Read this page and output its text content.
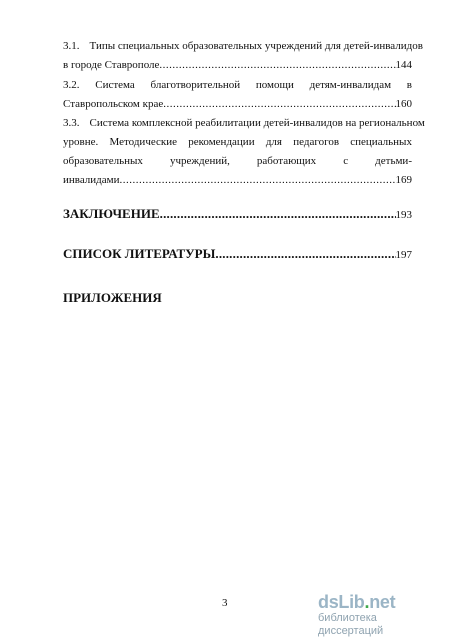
3.1. Типы специальных образовательных учреждений для детей-инвалидов
в городе Ставрополе .....	144
3.2. Система благотворительной помощи детям-инвалидам в
Ставропольском крае .....	160
3.3. Система комплексной реабилитации детей-инвалидов на региональном
уровне. Методические рекомендации для педагогов специальных
образовательных учреждений, работающих с детьми-
инвалидами .....	169
ЗАКЛЮЧЕНИЕ .....	193
СПИСОК ЛИТЕРАТУРЫ .....	197
ПРИЛОЖЕНИЯ
3	dsLib.net
библиотека диссертаций
